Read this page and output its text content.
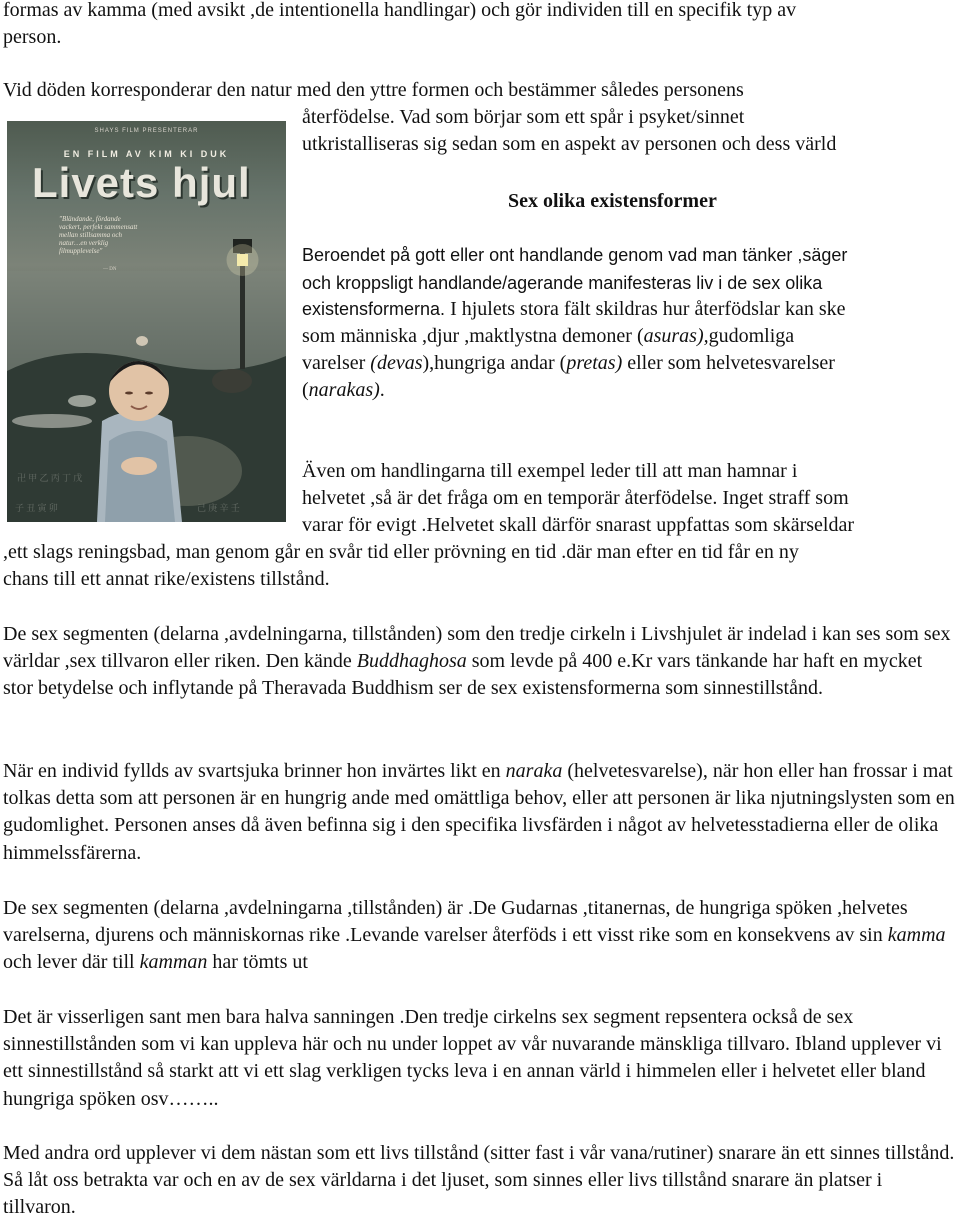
formas av kamma (med avsikt ,de intentionella handlingar) och gör individen till en specifik typ av
person.
Vid döden korresponderar den natur med den yttre formen och bestämmer således personens
återfödelse. Vad som börjar som ett spår i psyket/sinnet
utkristalliseras sig sedan som en aspekt av personen och dess värld
卍 甲 乙 丙 丁 戊
己 庚 辛 壬
子 丑 寅 卯
SHAYS FILM PRESENTERAR
EN FILM AV KIM KI DUK
Livets hjul
"Bländande, fördande vackert, perfekt sammensatt mellan stillsamma och natur…en verklig filmupplevelse"
— DN
Sex olika existensformer
Beroendet på gott eller ont handlande genom vad man tänker ,säger
och kroppsligt handlande/agerande manifesteras liv i de sex olika
existensformerna. I hjulets stora fält skildras hur återfödslar kan ske
som människa ,djur ,maktlystna demoner (asuras),gudomliga
varelser (devas),hungriga andar (pretas) eller som helvetesvarelser
(narakas).
Även om handlingarna till exempel leder till att man hamnar i
helvetet ,så är det fråga om en temporär återfödelse. Inget straff som
varar för evigt .Helvetet skall därför snarast uppfattas som skärseldar
,ett slags reningsbad, man genom går en svår tid eller prövning en tid .där man efter en tid får en ny
chans till ett annat rike/existens tillstånd.
De sex segmenten (delarna ,avdelningarna, tillstånden) som den tredje cirkeln i Livshjulet är indelad i kan ses som sex världar ,sex tillvaron eller riken. Den kände Buddhaghosa som levde på 400 e.Kr vars tänkande har haft en mycket stor betydelse och inflytande på Theravada Buddhism ser de sex existensformerna som sinnestillstånd.
När en individ fyllds av svartsjuka brinner hon invärtes likt en naraka (helvetesvarelse), när hon eller han frossar i mat tolkas detta som att personen är en hungrig ande med omättliga behov, eller att personen är lika njutningslysten som en gudomlighet. Personen anses då även befinna sig i den specifika livsfärden i något av helvetesstadierna eller de olika himmelssfärerna.
De sex segmenten (delarna ,avdelningarna ,tillstånden) är .De Gudarnas ,titanernas, de hungriga spöken ,helvetes varelserna, djurens och människornas rike .Levande varelser återföds i ett visst rike som en konsekvens av sin kamma och lever där till kamman har tömts ut
Det är visserligen sant men bara halva sanningen .Den tredje cirkelns sex segment repsentera också de sex sinnestillstånden som vi kan uppleva här och nu under loppet av vår nuvarande mänskliga tillvaro. Ibland upplever vi ett sinnestillstånd så starkt att vi ett slag verkligen tycks leva i en annan värld i himmelen eller i helvetet eller bland hungriga spöken osv……..
Med andra ord upplever vi dem nästan som ett livs tillstånd (sitter fast i vår vana/rutiner) snarare än ett sinnes tillstånd. Så låt oss betrakta var och en av de sex världarna i det ljuset, som sinnes eller livs tillstånd snarare än platser i tillvaron.
